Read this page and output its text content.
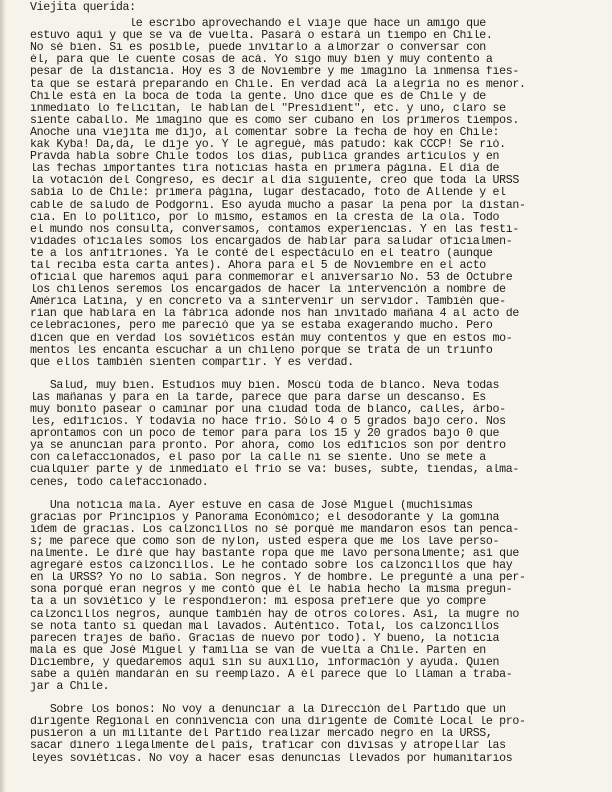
Viejita querida:
le escribo aprovechando el viaje que hace un amigo que
estuvo aquí y que se va de vuelta. Pasará o estará un tiempo en Chile.
No sé bien. Si es posible, puede invitarlo a almorzar o conversar con
él, para que le cuente cosas de acá. Yo sigo muy bien y muy contento a
pesar de la distancia. Hoy es 3 de Noviembre y me imagino la inmensa fies-
ta que se estará preparando en Chile. En verdad acá la alegría no es menor.
Chile está en la boca de toda la gente. Uno dice que es de Chile y de
inmediato lo felicitan, le hablan del "Presidient", etc. y uno, claro se
siente caballo. Me imagino que es como ser cubano en los primeros tiempos.
Anoche una viejita me dijo, al comentar sobre la fecha de hoy en Chile:
kak Kyba! Da,da, le dije yo. Y le agregué, más patudo: kak CCCP! Se rió.
Pravda habla sobre Chile todos los días, publica grandes artículos y en
las fechas importantes tira noticias hasta en primera página. El día de
la votación del Congreso, es decir al día siguiente, creo que toda la URSS
sabía lo de Chile: primera página, lugar destacado, foto de Allende y el
cable de saludo de Podgorni. Eso ayuda mucho a pasar la pena por la distan-
cia. En lo político, por lo mismo, estamos en la cresta de la ola. Todo
el mundo nos consulta, conversamos, contamos experiencias. Y en las festi-
vidades oficiales somos los encargados de hablar para saludar oficialmen-
te a los anfitriones. Ya le conté del espectáculo en el teatro (aunque
tal reciba esta carta antes). Ahora para el 5 de Noviembre en el acto
oficial que haremos aquí para conmemorar el aniversario No. 53 de Octubre
los chilenos seremos los encargados de hacer la intervención a nombre de
América Latina, y en concreto va a sintervenir un servidor. También que-
rían que hablara en la fábrica adonde nos han invitado mañana 4 al acto de
celebraciones, pero me pareció que ya se estaba exagerando mucho. Pero
dicen que en verdad los soviéticos están muy contentos y que en estos mo-
mentos les encanta escuchar a un chileno porque se trata de un triunfo
que ellos también sienten compartir. Y es verdad.
Salud, muy bien. Estudios muy bien. Moscú toda de blanco. Neva todas
las mañanas y para en la tarde, parece que para darse un descanso. Es
muy bonito pasear o caminar por una ciudad toda de blanco, calles, árbo-
les, edificios. Y todavía no hace frío. Sólo 4 o 5 grados bajo cero. Nos
aprontamos con un poco de temor para para los 15 y 20 grados bajo 0 que
ya se anuncian para pronto. Por ahora, como los edificios son por dentro
con calefaccionados, el paso por la calle ni se siente. Uno se mete a
cualquier parte y de inmediato el frío se va: buses, subte, tiendas, alma-
cenes, todo calefaccionado.
Una noticia mala. Ayer estuve en casa de José Miguel (muchísimas
gracias por Principios y Panorama Económico; el desodorante y la gomina
idem de gracias. Los calzoncillos no sé porqué me mandaron esos tan penca-
s; me parece que como son de nylon, usted espera que me los lave perso-
nalmente. Le diré que hay bastante ropa que me lavo personalmente; así que
agregaré estos calzoncillos. Le he contado sobre los calzoncillos que hay
en la URSS? Yo no lo sabía. Son negros. Y de hombre. Le pregunté a una per-
sona porqué eran negros y me contó que él le había hecho la misma pregun-
ta a un soviético y le respondieron: mi esposa prefiere que yo compre
calzoncillos negros, aunque también hay de otros colores. Así, la mugre no
se nota tanto si quedan mal lavados. Auténtico. Total, los calzoncillos
parecen trajes de baño. Gracias de nuevo por todo). Y bueno, la noticia
mala es que José Miguel y familia se van de vuelta a Chile. Parten en
Diciembre, y quedaremos aquí sin su auxilio, información y ayuda. Quien
sabe a quién mandarán en su reemplazo. A él parece que lo llaman a traba-
jar a Chile.
Sobre los bonos: No voy a denunciar a la Dirección del Partido que un
dirigente Regional en connivencia con una dirigente de Comité Local le pro-
pusieron a un militante del Partido realizar mercado negro en la URSS,
sacar dinero ilegalmente del país, traficar con divisas y atropellar las
leyes soviéticas. No voy a hacer esas denuncias llevados por humanitarios
